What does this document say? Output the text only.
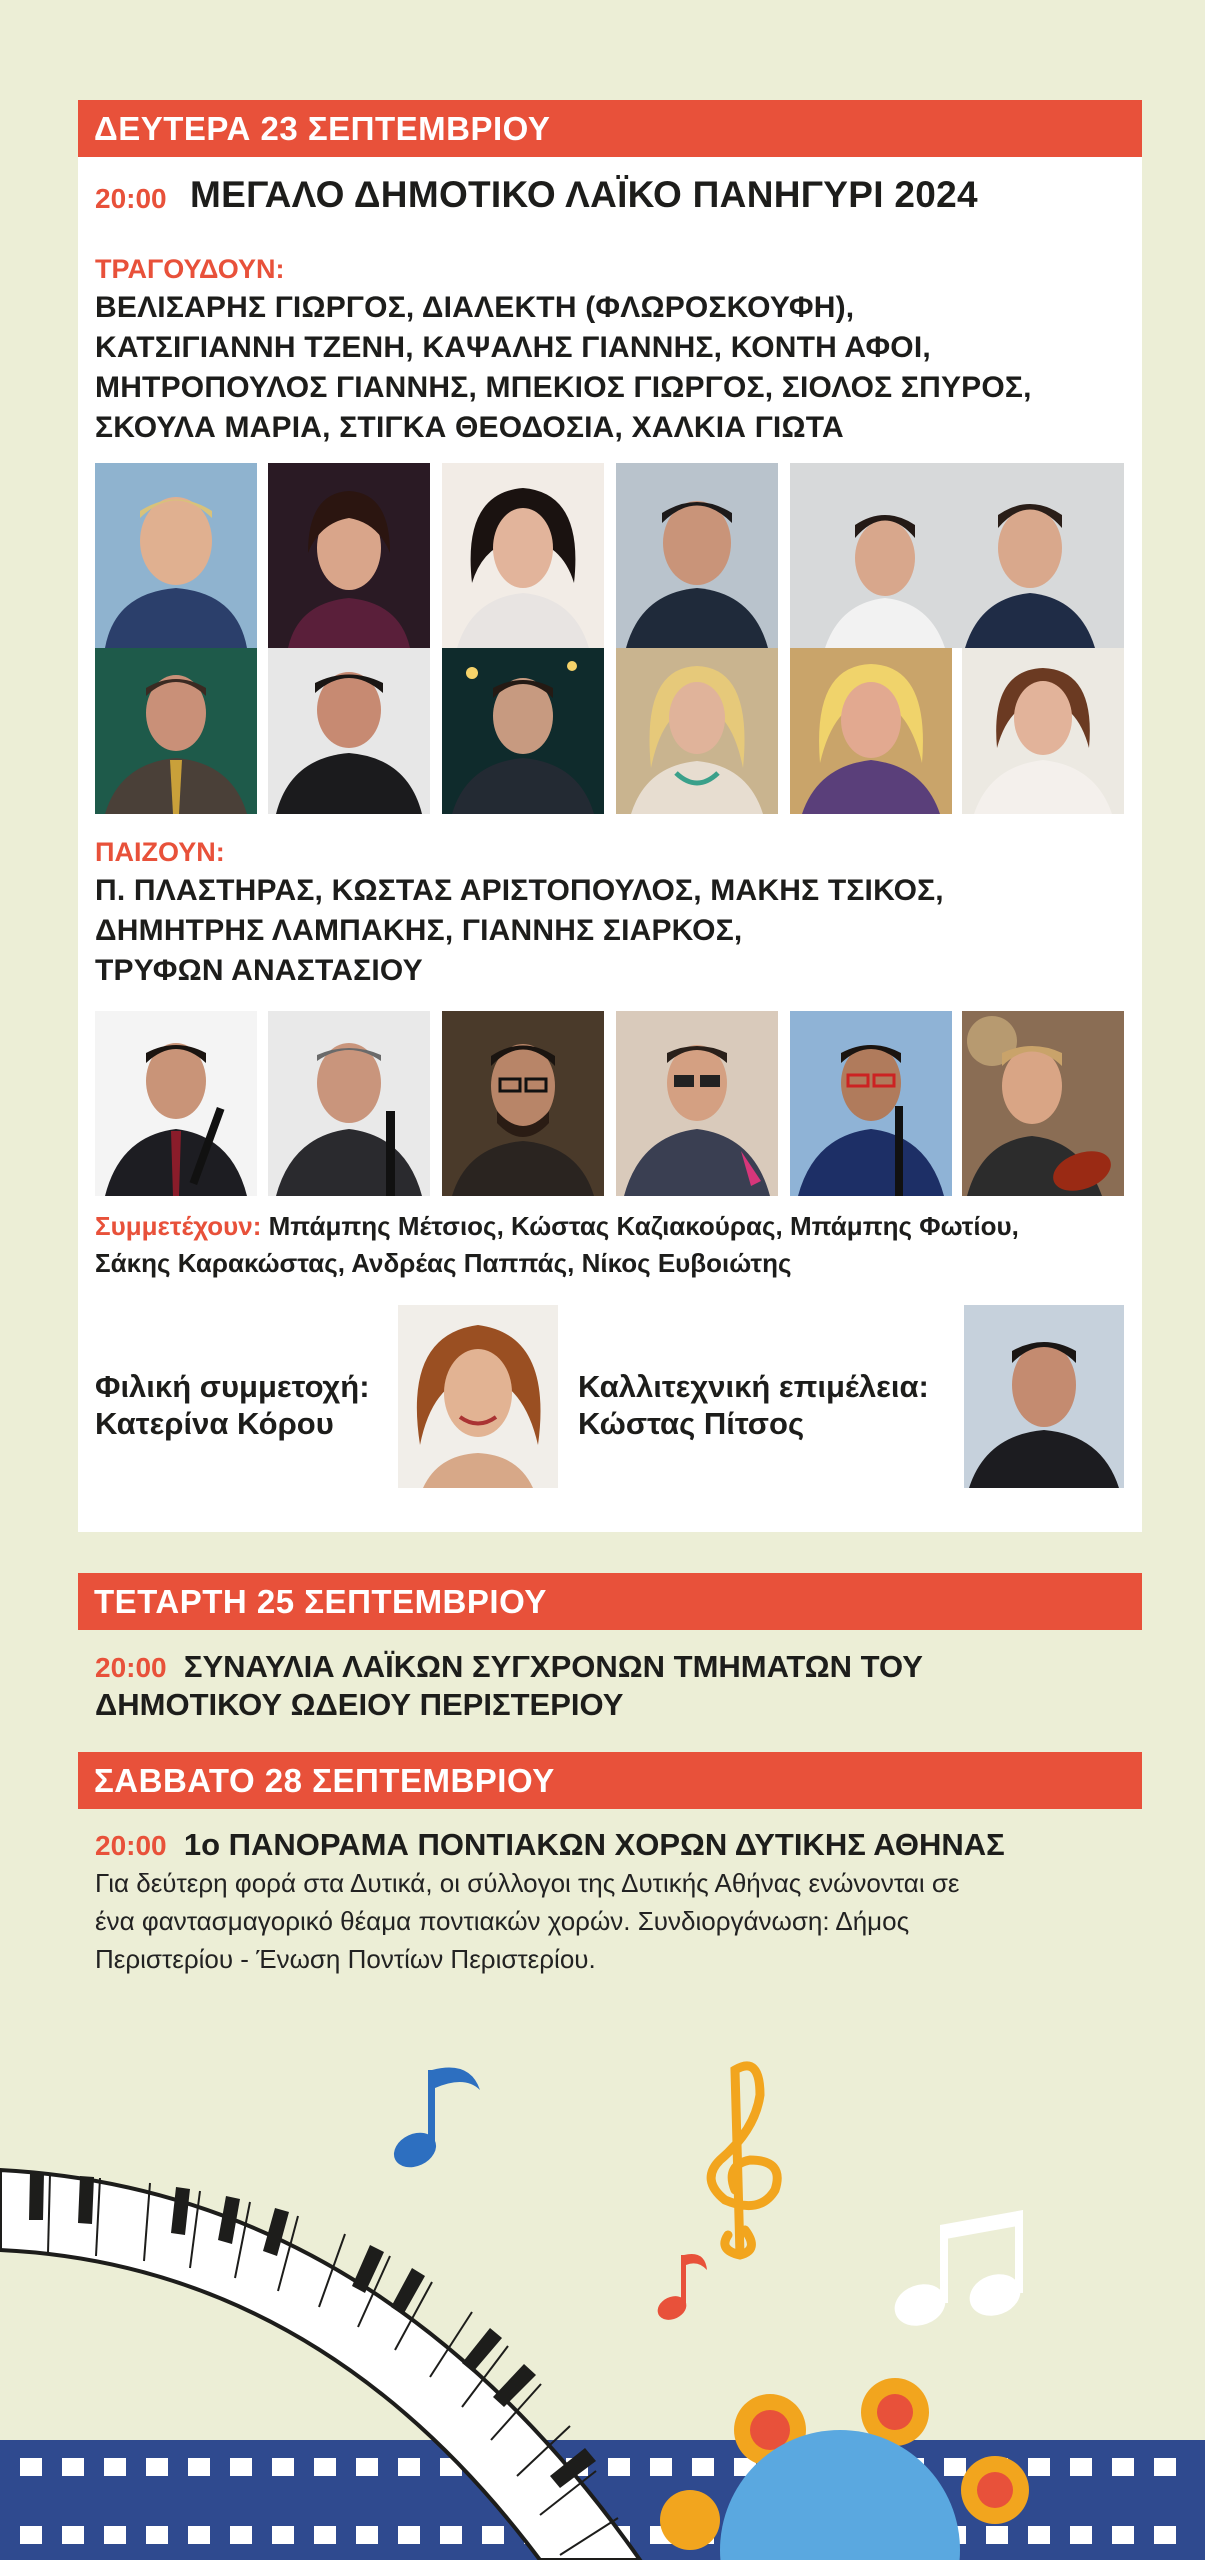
ΔΕΥΤΕΡΑ 23 ΣΕΠΤΕΜΒΡΙΟΥ
20:00 ΜΕΓΑΛΟ ΔΗΜΟΤΙΚΟ ΛΑΪΚΟ ΠΑΝΗΓΥΡΙ 2024
ΤΡΑΓΟΥΔΟΥΝ:
ΒΕΛΙΣΑΡΗΣ ΓΙΩΡΓΟΣ, ΔΙΑΛΕΚΤΗ (ΦΛΩΡΟΣΚΟΥΦΗ),
ΚΑΤΣΙΓΙΑΝΝΗ ΤΖΕΝΗ, ΚΑΨΑΛΗΣ ΓΙΑΝΝΗΣ, ΚΟΝΤΗ ΑΦΟΙ,
ΜΗΤΡΟΠΟΥΛΟΣ ΓΙΑΝΝΗΣ, ΜΠΕΚΙΟΣ ΓΙΩΡΓΟΣ, ΣΙΟΛΟΣ ΣΠΥΡΟΣ,
ΣΚΟΥΛΑ ΜΑΡΙΑ, ΣΤΙΓΚΑ ΘΕΟΔΟΣΙΑ, ΧΑΛΚΙΑ ΓΙΩΤΑ
ΠΑΙΖΟΥΝ:
Π. ΠΛΑΣΤΗΡΑΣ, ΚΩΣΤΑΣ ΑΡΙΣΤΟΠΟΥΛΟΣ, ΜΑΚΗΣ ΤΣΙΚΟΣ,
ΔΗΜΗΤΡΗΣ ΛΑΜΠΑΚΗΣ, ΓΙΑΝΝΗΣ ΣΙΑΡΚΟΣ,
ΤΡΥΦΩΝ ΑΝΑΣΤΑΣΙΟΥ
Συμμετέχουν: Μπάμπης Μέτσιος, Κώστας Καζιακούρας, Μπάμπης Φωτίου,
Σάκης Καρακώστας, Ανδρέας Παππάς, Νίκος Ευβοιώτης
Φιλική συμμετοχή:
Κατερίνα Κόρου
Καλλιτεχνική επιμέλεια:
Κώστας Πίτσος
ΤΕΤΑΡΤΗ 25 ΣΕΠΤΕΜΒΡΙΟΥ
20:00 ΣΥΝΑΥΛΙΑ ΛΑΪΚΩΝ ΣΥΓΧΡΟΝΩΝ ΤΜΗΜΑΤΩΝ ΤΟΥ
ΔΗΜΟΤΙΚΟΥ ΩΔΕΙΟΥ ΠΕΡΙΣΤΕΡΙΟΥ
ΣΑΒΒΑΤΟ 28 ΣΕΠΤΕΜΒΡΙΟΥ
20:00 1ο ΠΑΝΟΡΑΜΑ ΠΟΝΤΙΑΚΩΝ ΧΟΡΩΝ ΔΥΤΙΚΗΣ ΑΘΗΝΑΣ
Για δεύτερη φορά στα Δυτικά, οι σύλλογοι της Δυτικής Αθήνας ενώνονται σε
ένα φαντασμαγορικό θέαμα ποντιακών χορών. Συνδιοργάνωση: Δήμος
Περιστερίου - Ένωση Ποντίων Περιστερίου.
